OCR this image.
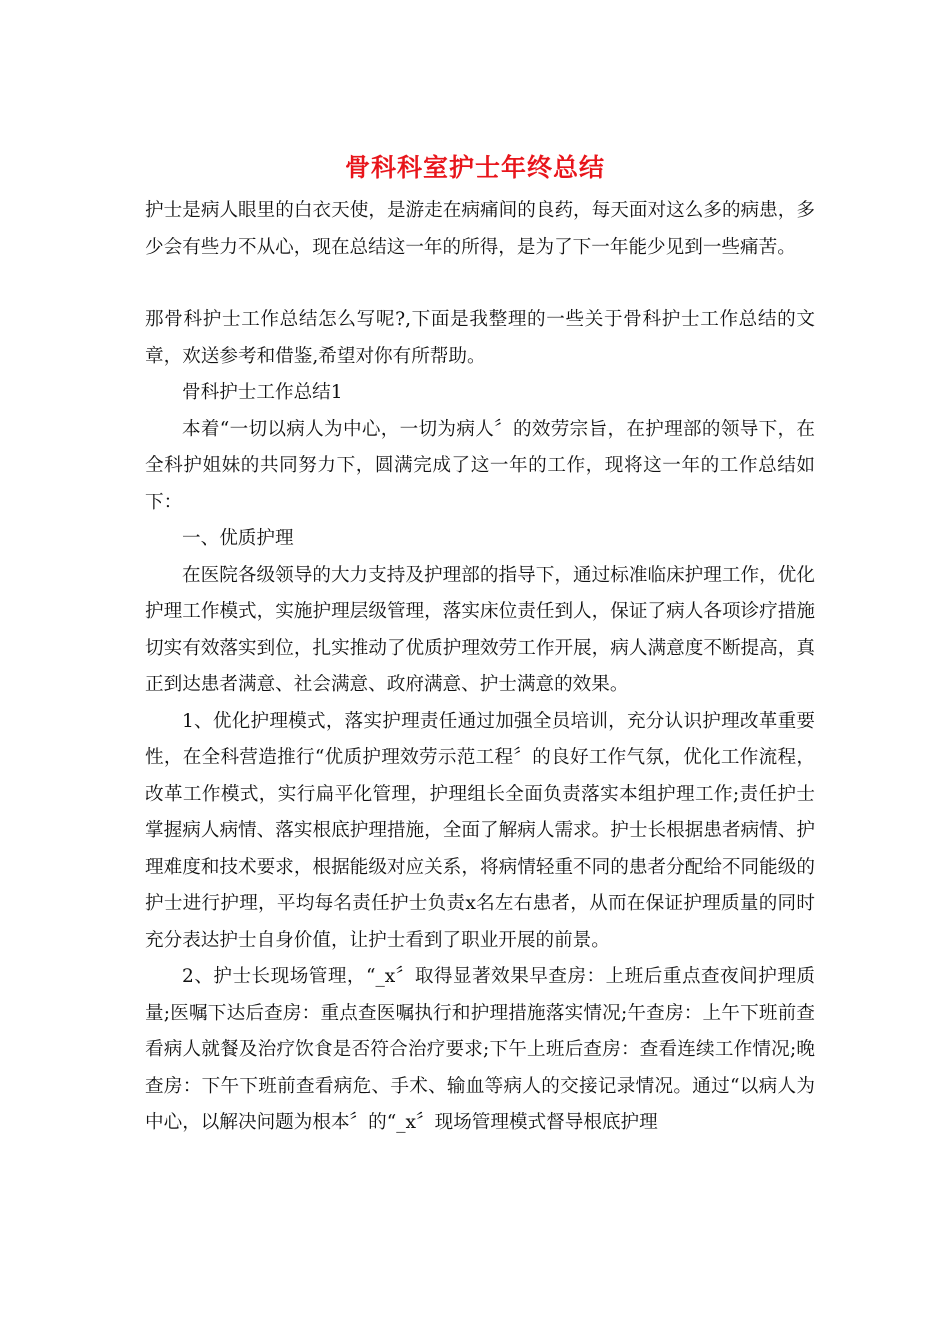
骨科科室护士年终总结

护士是病人眼里的白衣天使，是游走在病痛间的良药，每天面对这么多的病患，多少会有些力不从心，现在总结这一年的所得，是为了下一年能少见到一些痛苦。

那骨科护士工作总结怎么写呢?,下面是我整理的一些关于骨科护士工作总结的文章，欢送参考和借鉴,希望对你有所帮助。

骨科护士工作总结1

本着“一切以病人为中心，一切为病人〞的效劳宗旨，在护理部的领导下，在全科护姐妹的共同努力下，圆满完成了这一年的工作，现将这一年的工作总结如下：

一、优质护理

在医院各级领导的大力支持及护理部的指导下，通过标准临床护理工作，优化护理工作模式，实施护理层级管理，落实床位责任到人，保证了病人各项诊疗措施切实有效落实到位，扎实推动了优质护理效劳工作开展，病人满意度不断提高，真正到达患者满意、社会满意、政府满意、护士满意的效果。

1、优化护理模式，落实护理责任通过加强全员培训，充分认识护理改革重要性，在全科营造推行“优质护理效劳示范工程〞的良好工作气氛，优化工作流程，改革工作模式，实行扁平化管理，护理组长全面负责落实本组护理工作;责任护士掌握病人病情、落实根底护理措施，全面了解病人需求。护士长根据患者病情、护理难度和技术要求，根据能级对应关系，将病情轻重不同的患者分配给不同能级的护士进行护理，平均每名责任护士负责x名左右患者，从而在保证护理质量的同时充分表达护士自身价值，让护士看到了职业开展的前景。

2、护士长现场管理，“_x〞取得显著效果早查房：上班后重点查夜间护理质量;医嘱下达后查房：重点查医嘱执行和护理措施落实情况;午查房：上午下班前查看病人就餐及治疗饮食是否符合治疗要求;下午上班后查房：查看连续工作情况;晚查房：下午下班前查看病危、手术、输血等病人的交接记录情况。通过“以病人为中心，以解决问题为根本〞的“_x〞现场管理模式督导根底护理
